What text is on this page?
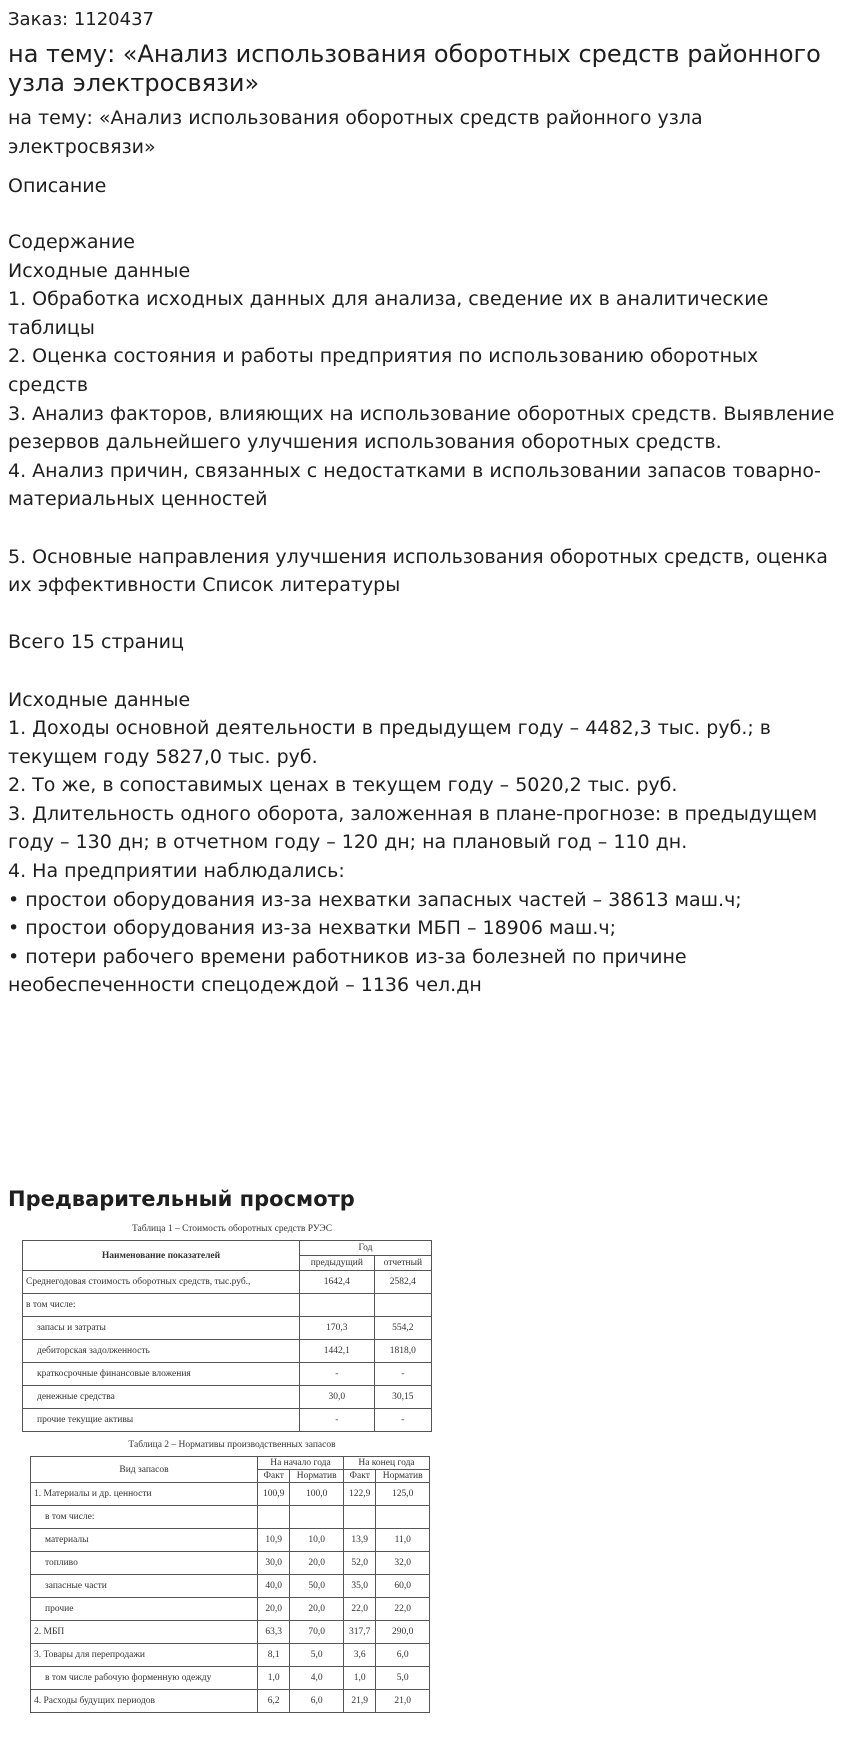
Заказ: 1120437
на тему: «Анализ использования оборотных средств районного узла электросвязи»
на тему: «Анализ использования оборотных средств районного узла электросвязи»
Описание
Содержание
Исходные данные
1. Обработка исходных данных для анализа, сведение их в аналитические таблицы
2. Оценка состояния и работы предприятия по использованию оборотных средств
3. Анализ факторов, влияющих на использование оборотных средств. Выявление резервов дальнейшего улучшения использования оборотных средств.
4. Анализ причин, связанных с недостатками в использовании запасов товарно-материальных ценностей
5. Основные направления улучшения использования оборотных средств, оценка их эффективности Список литературы
Всего 15 страниц
Исходные данные
1. Доходы основной деятельности в предыдущем году – 4482,3 тыс. руб.; в текущем году 5827,0 тыс. руб.
2. То же, в сопоставимых ценах в текущем году – 5020,2 тыс. руб.
3. Длительность одного оборота, заложенная в плане-прогнозе: в предыдущем году – 130 дн; в отчетном году – 120 дн; на плановый год – 110 дн.
4. На предприятии наблюдались:
• простои оборудования из-за нехватки запасных частей – 38613 маш.ч;
• простои оборудования из-за нехватки МБП – 18906 маш.ч;
• потери рабочего времени работников из-за болезней по причине необеспеченности спецодеждой – 1136 чел.дн
Предварительный просмотр
Таблица 1 – Стоимость оборотных средств РУЭС
Наименование показателей	Год	
	предыдущий	отчетный
Среднегодовая стоимость оборотных средств, тыс.руб.,	1642,4	2582,4
в том числе:		
запасы и затраты	170,3	554,2
дебиторская задолженность	1442,1	1818,0
краткосрочные финансовые вложения	-	-
денежные средства	30,0	30,15
прочие текущие активы	-	-
Таблица 2 – Нормативы производственных запасов
Вид запасов	На начало года		На конец года	
	Факт	Норматив	Факт	Норматив
1. Материалы и др. ценности	100,9	100,0	122,9	125,0
в том числе:				
материалы	10,9	10,0	13,9	11,0
топливо	30,0	20,0	52,0	32,0
запасные части	40,0	50,0	35,0	60,0
прочие	20,0	20,0	22,0	22,0
2. МБП	63,3	70,0	317,7	290,0
3. Товары для перепродажи	8,1	5,0	3,6	6,0
в том числе рабочую форменную одежду	1,0	4,0	1,0	5,0
4. Расходы будущих периодов	6,2	6,0	21,9	21,0
